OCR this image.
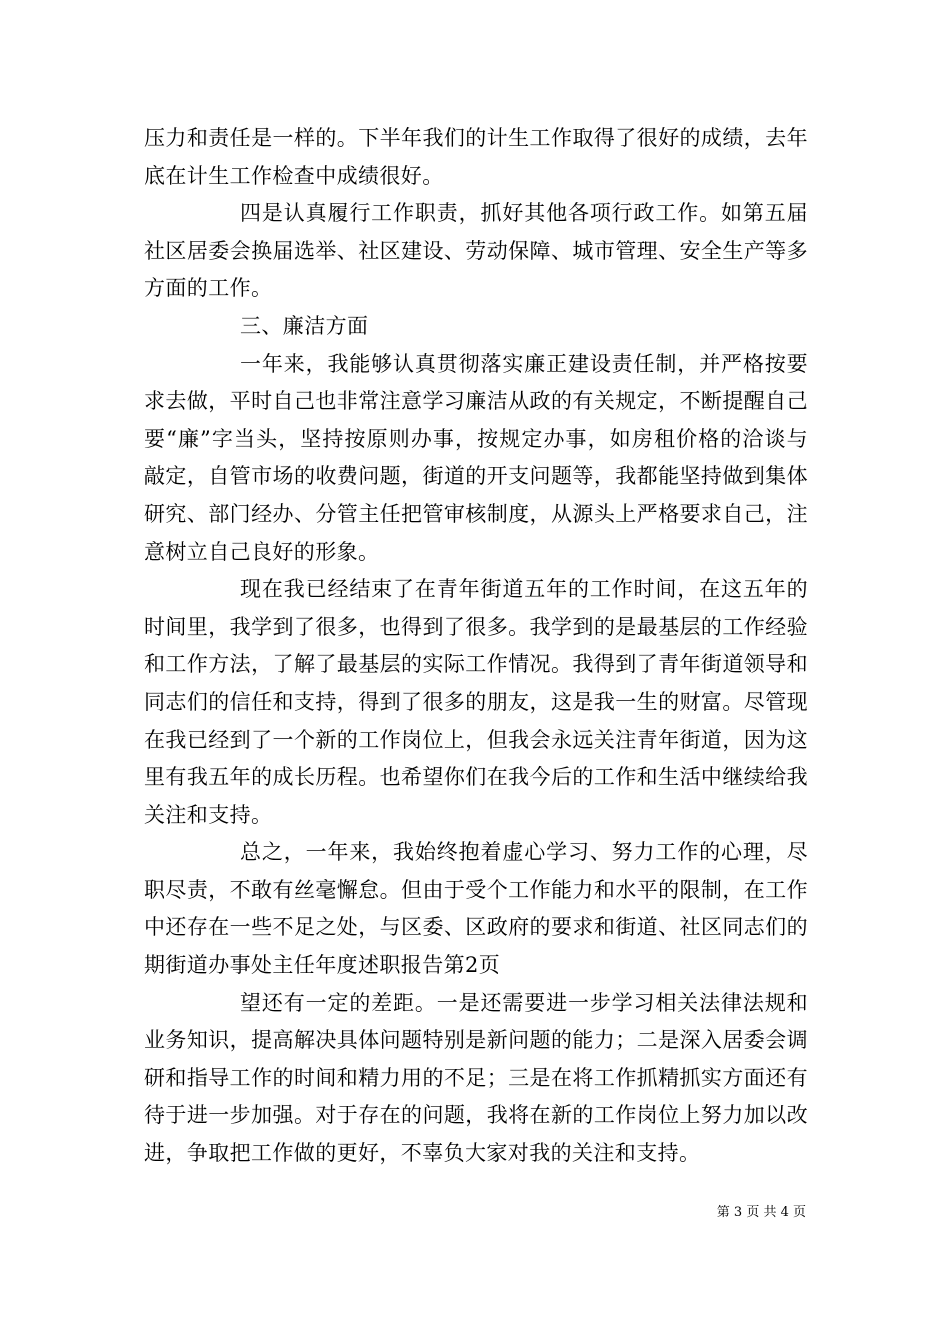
压力和责任是一样的。下半年我们的计生工作取得了很好的成绩，去年底在计生工作检查中成绩很好。

四是认真履行工作职责，抓好其他各项行政工作。如第五届社区居委会换届选举、社区建设、劳动保障、城市管理、安全生产等多方面的工作。

三、廉洁方面

一年来，我能够认真贯彻落实廉正建设责任制，并严格按要求去做，平时自己也非常注意学习廉洁从政的有关规定，不断提醒自己要“廉”字当头，坚持按原则办事，按规定办事，如房租价格的洽谈与敲定，自管市场的收费问题，街道的开支问题等，我都能坚持做到集体研究、部门经办、分管主任把管审核制度，从源头上严格要求自己，注意树立自己良好的形象。

现在我已经结束了在青年街道五年的工作时间，在这五年的时间里，我学到了很多，也得到了很多。我学到的是最基层的工作经验和工作方法，了解了最基层的实际工作情况。我得到了青年街道领导和同志们的信任和支持，得到了很多的朋友，这是我一生的财富。尽管现在我已经到了一个新的工作岗位上，但我会永远关注青年街道，因为这里有我五年的成长历程。也希望你们在我今后的工作和生活中继续给我关注和支持。

总之，一年来，我始终抱着虚心学习、努力工作的心理，尽职尽责，不敢有丝毫懈怠。但由于受个工作能力和水平的限制，在工作中还存在一些不足之处，与区委、区政府的要求和街道、社区同志们的期街道办事处主任年度述职报告第2页

望还有一定的差距。一是还需要进一步学习相关法律法规和业务知识，提高解决具体问题特别是新问题的能力；二是深入居委会调研和指导工作的时间和精力用的不足；三是在将工作抓精抓实方面还有待于进一步加强。对于存在的问题，我将在新的工作岗位上努力加以改进，争取把工作做的更好，不辜负大家对我的关注和支持。

第 3 页 共 4 页
